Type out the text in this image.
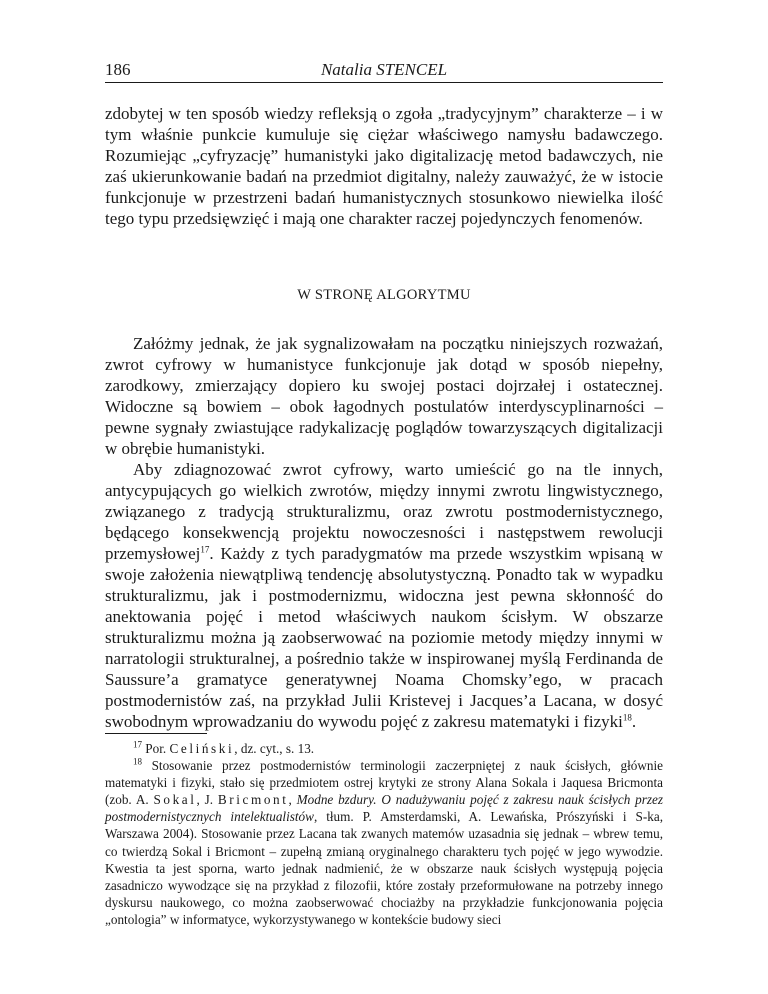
186	Natalia STENCEL

zdobytej w ten sposób wiedzy refleksją o zgoła „tradycyjnym” charakterze – i w tym właśnie punkcie kumuluje się ciężar właściwego namysłu badawczego. Rozumiejąc „cyfryzację” humanistyki jako digitalizację metod badawczych, nie zaś ukierunkowanie badań na przedmiot digitalny, należy zauważyć, że w istocie funkcjonuje w przestrzeni badań humanistycznych stosunkowo niewielka ilość tego typu przedsięwzięć i mają one charakter raczej pojedynczych fenomenów.

W STRONĘ ALGORYTMU

Załóżmy jednak, że jak sygnalizowałam na początku niniejszych rozważań, zwrot cyfrowy w humanistyce funkcjonuje jak dotąd w sposób niepełny, zarodkowy, zmierzający dopiero ku swojej postaci dojrzałej i ostatecznej. Widoczne są bowiem – obok łagodnych postulatów interdyscyplinarności – pewne sygnały zwiastujące radykalizację poglądów towarzyszących digitalizacji w obrębie humanistyki.

Aby zdiagnozować zwrot cyfrowy, warto umieścić go na tle innych, antycypujących go wielkich zwrotów, między innymi zwrotu lingwistycznego, związanego z tradycją strukturalizmu, oraz zwrotu postmodernistycznego, będącego konsekwencją projektu nowoczesności i następstwem rewolucji przemysłowej$^{17}$. Każdy z tych paradygmatów ma przede wszystkim wpisaną w swoje założenia niewątpliwą tendencję absolutystyczną. Ponadto tak w wypadku strukturalizmu, jak i postmodernizmu, widoczna jest pewna skłonność do anektowania pojęć i metod właściwych naukom ścisłym. W obszarze strukturalizmu można ją zaobserwować na poziomie metody między innymi w narratologii strukturalnej, a pośrednio także w inspirowanej myślą Ferdinanda de Saussure’a gramatyce generatywnej Noama Chomsky’ego, w pracach postmodernistów zaś, na przykład Julii Kristevej i Jacques’a Lacana, w dosyć swobodnym wprowadzaniu do wywodu pojęć z zakresu matematyki i fizyki$^{18}$.

$^{17}$ Por. Celiński, dz. cyt., s. 13.

$^{18}$ Stosowanie przez postmodernistów terminologii zaczerpniętej z nauk ścisłych, głównie matematyki i fizyki, stało się przedmiotem ostrej krytyki ze strony Alana Sokala i Jaquesa Bricmonta (zob. A. Sokal, J. Bricmont, Modne bzdury. O nadużywaniu pojęć z zakresu nauk ścisłych przez postmodernistycznych intelektualistów, tłum. P. Amsterdamski, A. Lewańska, Prószyński i S-ka, Warszawa 2004). Stosowanie przez Lacana tak zwanych matemów uzasadnia się jednak – wbrew temu, co twierdzą Sokal i Bricmont – zupełną zmianą oryginalnego charakteru tych pojęć w jego wywodzie. Kwestia ta jest sporna, warto jednak nadmienić, że w obszarze nauk ścisłych występują pojęcia zasadniczo wywodzące się na przykład z filozofii, które zostały przeformułowane na potrzeby innego dyskursu naukowego, co można zaobserwować chociażby na przykładzie funkcjonowania pojęcia „ontologia” w informatyce, wykorzystywanego w kontekście budowy sieci
